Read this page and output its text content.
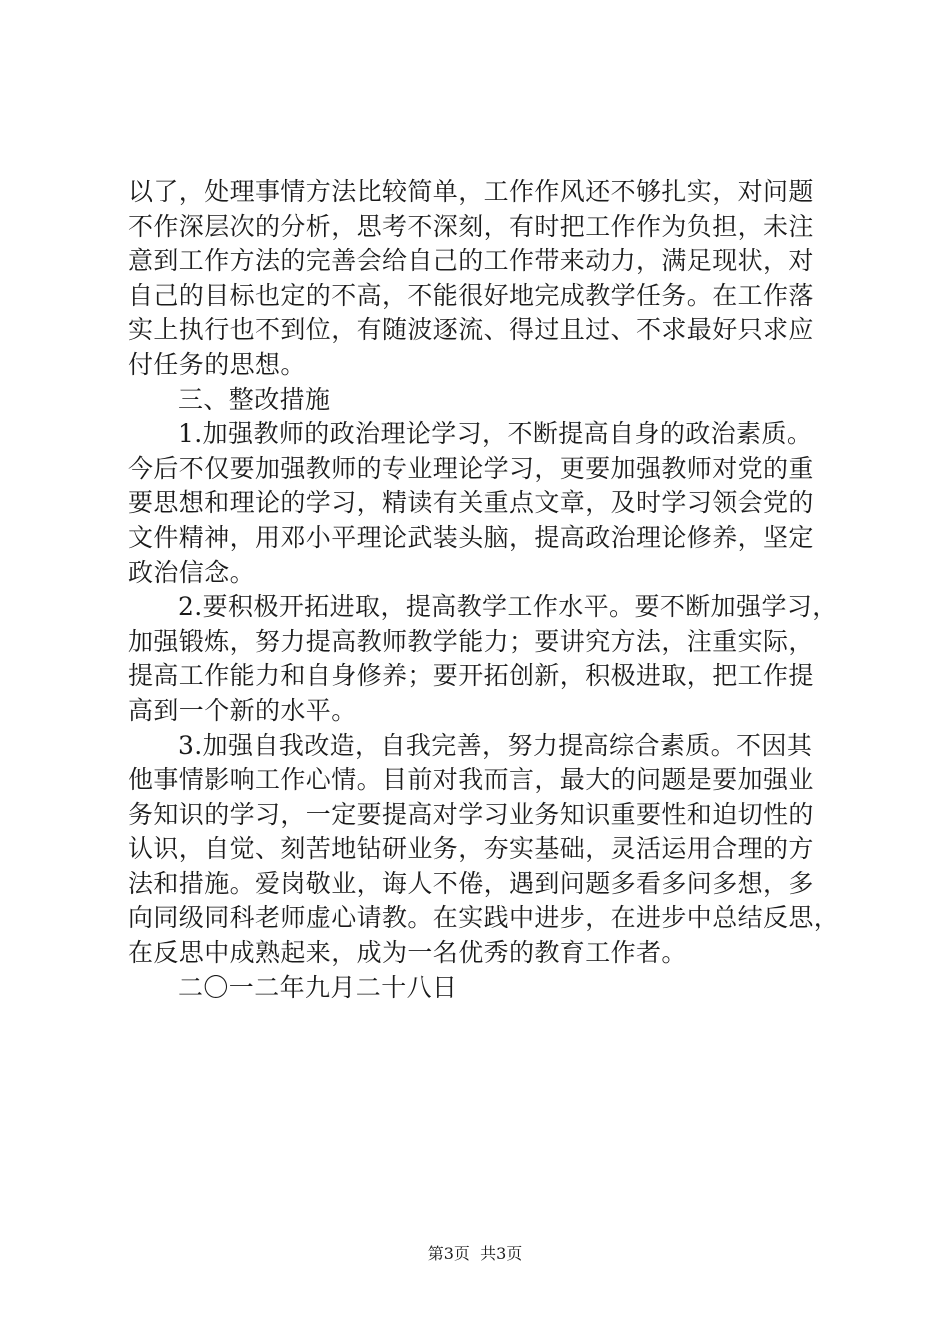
以了，处理事情方法比较简单，工作作风还不够扎实，对问题
不作深层次的分析，思考不深刻，有时把工作作为负担，未注
意到工作方法的完善会给自己的工作带来动力，满足现状，对
自己的目标也定的不高，不能很好地完成教学任务。在工作落
实上执行也不到位，有随波逐流、得过且过、不求最好只求应
付任务的思想。
三、整改措施
1.加强教师的政治理论学习，不断提高自身的政治素质。
今后不仅要加强教师的专业理论学习，更要加强教师对党的重
要思想和理论的学习，精读有关重点文章，及时学习领会党的
文件精神，用邓小平理论武装头脑，提高政治理论修养，坚定
政治信念。
2.要积极开拓进取，提高教学工作水平。要不断加强学习，
加强锻炼，努力提高教师教学能力；要讲究方法，注重实际，
提高工作能力和自身修养；要开拓创新，积极进取，把工作提
高到一个新的水平。
3.加强自我改造，自我完善，努力提高综合素质。不因其
他事情影响工作心情。目前对我而言，最大的问题是要加强业
务知识的学习，一定要提高对学习业务知识重要性和迫切性的
认识，自觉、刻苦地钻研业务，夯实基础，灵活运用合理的方
法和措施。爱岗敬业，诲人不倦，遇到问题多看多问多想，多
向同级同科老师虚心请教。在实践中进步，在进步中总结反思，
在反思中成熟起来，成为一名优秀的教育工作者。
二〇一二年九月二十八日
第3页  共3页
